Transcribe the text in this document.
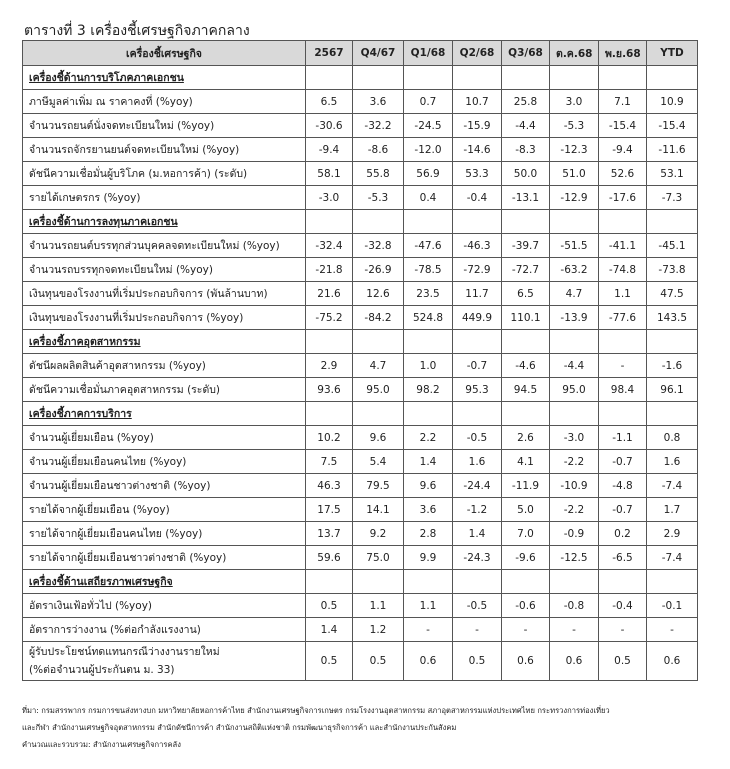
ตารางที่ 3 เครื่องชี้เศรษฐกิจภาคกลาง
เครื่องชี้เศรษฐกิจ	2567	Q4/67	Q1/68	Q2/68	Q3/68	ต.ค.68	พ.ย.68	YTD
เครื่องชี้ด้านการบริโภคภาคเอกชน								
ภาษีมูลค่าเพิ่ม ณ ราคาคงที่ (%yoy)	6.5	3.6	0.7	10.7	25.8	3.0	7.1	10.9
จำนวนรถยนต์นั่งจดทะเบียนใหม่ (%yoy)	-30.6	-32.2	-24.5	-15.9	-4.4	-5.3	-15.4	-15.4
จำนวนรถจักรยานยนต์จดทะเบียนใหม่ (%yoy)	-9.4	-8.6	-12.0	-14.6	-8.3	-12.3	-9.4	-11.6
ดัชนีความเชื่อมั่นผู้บริโภค (ม.หอการค้า) (ระดับ)	58.1	55.8	56.9	53.3	50.0	51.0	52.6	53.1
รายได้เกษตรกร (%yoy)	-3.0	-5.3	0.4	-0.4	-13.1	-12.9	-17.6	-7.3
เครื่องชี้ด้านการลงทุนภาคเอกชน								
จำนวนรถยนต์บรรทุกส่วนบุคคลจดทะเบียนใหม่ (%yoy)	-32.4	-32.8	-47.6	-46.3	-39.7	-51.5	-41.1	-45.1
จำนวนรถบรรทุกจดทะเบียนใหม่ (%yoy)	-21.8	-26.9	-78.5	-72.9	-72.7	-63.2	-74.8	-73.8
เงินทุนของโรงงานที่เริ่มประกอบกิจการ (พันล้านบาท)	21.6	12.6	23.5	11.7	6.5	4.7	1.1	47.5
เงินทุนของโรงงานที่เริ่มประกอบกิจการ (%yoy)	-75.2	-84.2	524.8	449.9	110.1	-13.9	-77.6	143.5
เครื่องชี้ภาคอุตสาหกรรม								
ดัชนีผลผลิตสินค้าอุตสาหกรรม (%yoy)	2.9	4.7	1.0	-0.7	-4.6	-4.4	-	-1.6
ดัชนีความเชื่อมั่นภาคอุตสาหกรรม (ระดับ)	93.6	95.0	98.2	95.3	94.5	95.0	98.4	96.1
เครื่องชี้ภาคการบริการ								
จำนวนผู้เยี่ยมเยือน (%yoy)	10.2	9.6	2.2	-0.5	2.6	-3.0	-1.1	0.8
จำนวนผู้เยี่ยมเยือนคนไทย (%yoy)	7.5	5.4	1.4	1.6	4.1	-2.2	-0.7	1.6
จำนวนผู้เยี่ยมเยือนชาวต่างชาติ (%yoy)	46.3	79.5	9.6	-24.4	-11.9	-10.9	-4.8	-7.4
รายได้จากผู้เยี่ยมเยือน (%yoy)	17.5	14.1	3.6	-1.2	5.0	-2.2	-0.7	1.7
รายได้จากผู้เยี่ยมเยือนคนไทย (%yoy)	13.7	9.2	2.8	1.4	7.0	-0.9	0.2	2.9
รายได้จากผู้เยี่ยมเยือนชาวต่างชาติ (%yoy)	59.6	75.0	9.9	-24.3	-9.6	-12.5	-6.5	-7.4
เครื่องชี้ด้านเสถียรภาพเศรษฐกิจ								
อัตราเงินเฟ้อทั่วไป (%yoy)	0.5	1.1	1.1	-0.5	-0.6	-0.8	-0.4	-0.1
อัตราการว่างงาน (%ต่อกำลังแรงงาน)	1.4	1.2	-	-	-	-	-	-

ผู้รับประโยชน์ทดแทนกรณีว่างงานรายใหม่
(%ต่อจำนวนผู้ประกันตน ม. 33)	0.5	0.5	0.6	0.5	0.6	0.6	0.5	0.6
ที่มา: กรมสรรพากร กรมการขนส่งทางบก มหาวิทยาลัยหอการค้าไทย สำนักงานเศรษฐกิจการเกษตร กรมโรงงานอุตสาหกรรม สภาอุตสาหกรรมแห่งประเทศไทย กระทรวงการท่องเที่ยว
และกีฬา สำนักงานเศรษฐกิจอุตสาหกรรม สำนักดัชนีการค้า สำนักงานสถิติแห่งชาติ กรมพัฒนาธุรกิจการค้า และสำนักงานประกันสังคม
คำนวณและรวบรวม: สำนักงานเศรษฐกิจการคลัง
